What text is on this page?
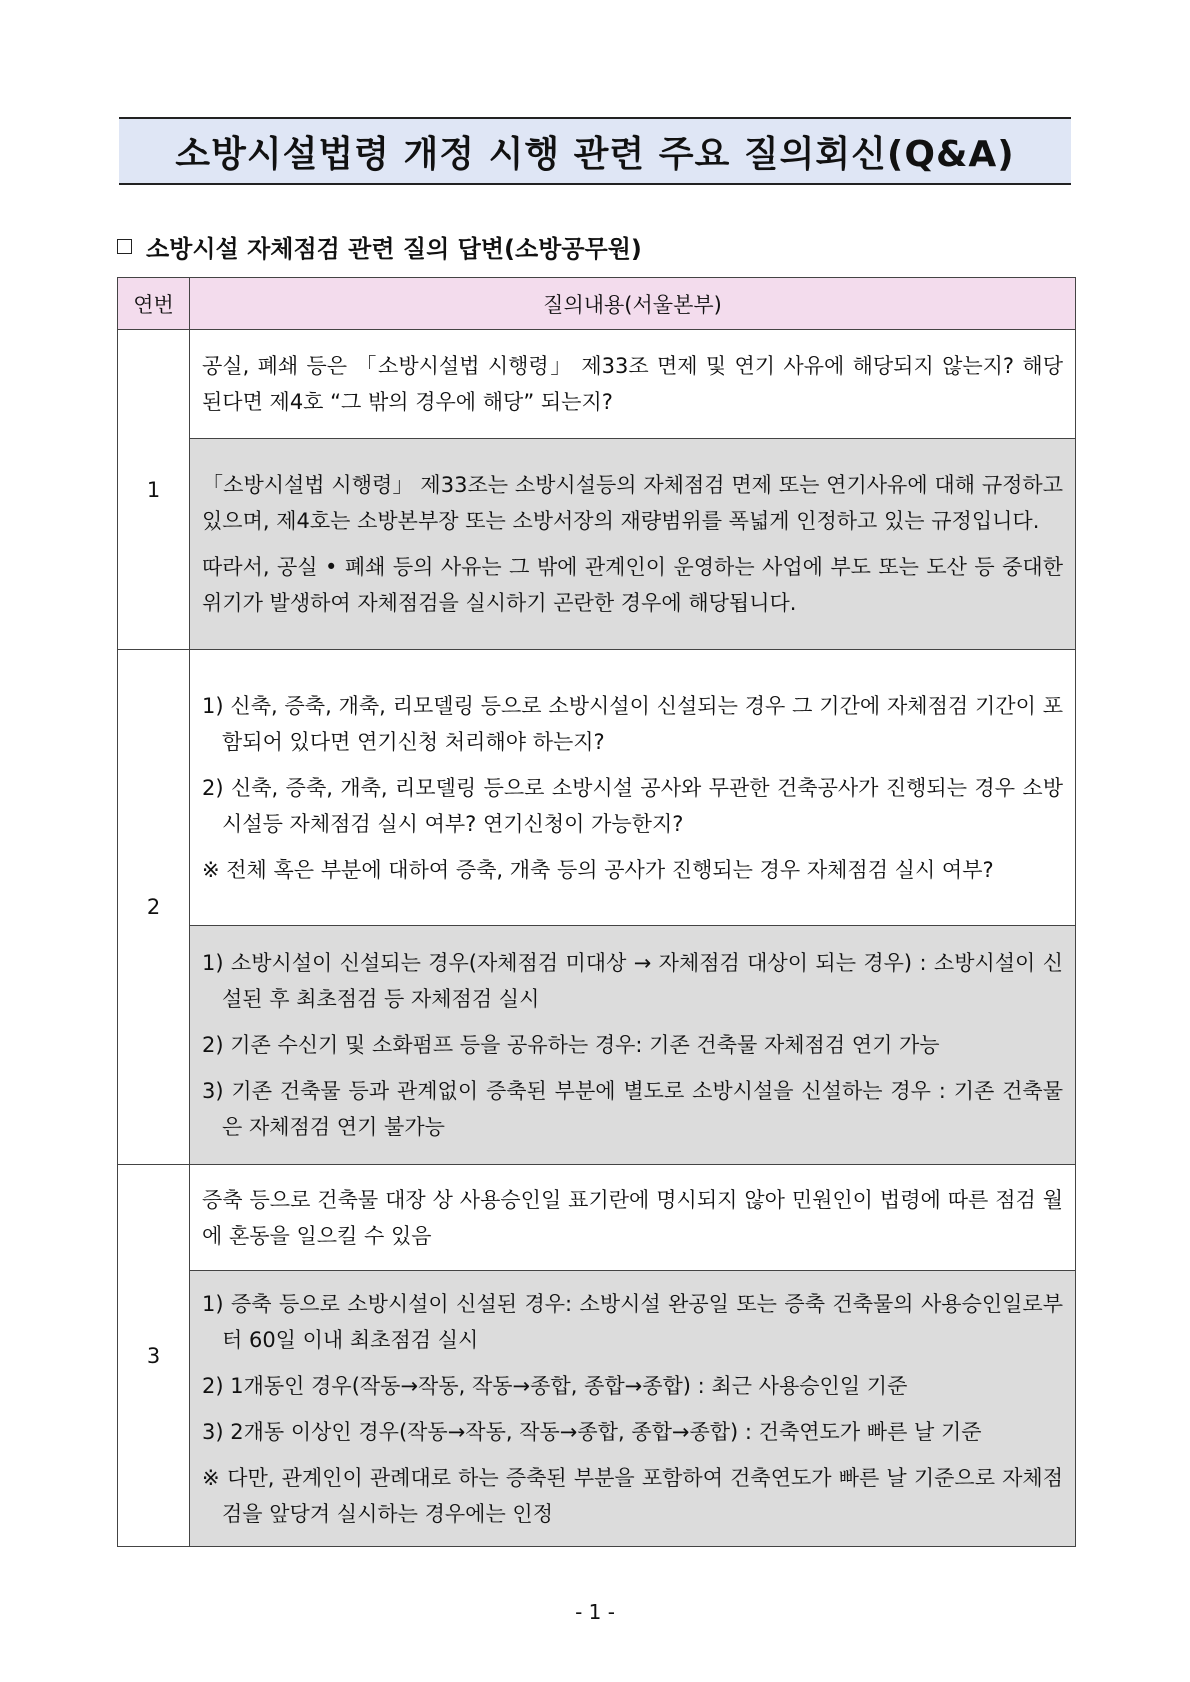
소방시설법령 개정 시행 관련 주요 질의회신(Q&A)
소방시설 자체점검 관련 질의 답변(소방공무원)
연번	질의내용(서울본부)
1	공실, 폐쇄 등은 「소방시설법 시행령」 제33조 면제 및 연기 사유에 해당되지 않는지? 해당 된다면 제4호 “그 밖의 경우에 해당” 되는지?

	「소방시설법 시행령」 제33조는 소방시설등의 자체점검 면제 또는 연기사유에 대해 규정하고 있으며, 제4호는 소방본부장 또는 소방서장의 재량범위를 폭넓게 인정하고 있는 규정입니다.

따라서, 공실 • 폐쇄 등의 사유는 그 밖에 관계인이 운영하는 사업에 부도 또는 도산 등 중대한 위기가 발생하여 자체점검을 실시하기 곤란한 경우에 해당됩니다.

2	1) 신축, 증축, 개축, 리모델링 등으로 소방시설이 신설되는 경우 그 기간에 자체점검 기간이 포함되어 있다면 연기신청 처리해야 하는지?

2) 신축, 증축, 개축, 리모델링 등으로 소방시설 공사와 무관한 건축공사가 진행되는 경우 소방시설등 자체점검 실시 여부? 연기신청이 가능한지?

※ 전체 혹은 부분에 대하여 증축, 개축 등의 공사가 진행되는 경우 자체점검 실시 여부?

	1) 소방시설이 신설되는 경우(자체점검 미대상 → 자체점검 대상이 되는 경우) : 소방시설이 신설된 후 최초점검 등 자체점검 실시

2) 기존 수신기 및 소화펌프 등을 공유하는 경우: 기존 건축물 자체점검 연기 가능

3) 기존 건축물 등과 관계없이 증축된 부분에 별도로 소방시설을 신설하는 경우 : 기존 건축물은 자체점검 연기 불가능

3	증축 등으로 건축물 대장 상 사용승인일 표기란에 명시되지 않아 민원인이 법령에 따른 점검 월에 혼동을 일으킬 수 있음

	1) 증축 등으로 소방시설이 신설된 경우: 소방시설 완공일 또는 증축 건축물의 사용승인일로부터 60일 이내 최초점검 실시

2) 1개동인 경우(작동→작동, 작동→종합, 종합→종합) : 최근 사용승인일 기준

3) 2개동 이상인 경우(작동→작동, 작동→종합, 종합→종합) : 건축연도가 빠른 날 기준

※ 다만, 관계인이 관례대로 하는 증축된 부분을 포함하여 건축연도가 빠른 날 기준으로 자체점검을 앞당겨 실시하는 경우에는 인정

- 1 -
